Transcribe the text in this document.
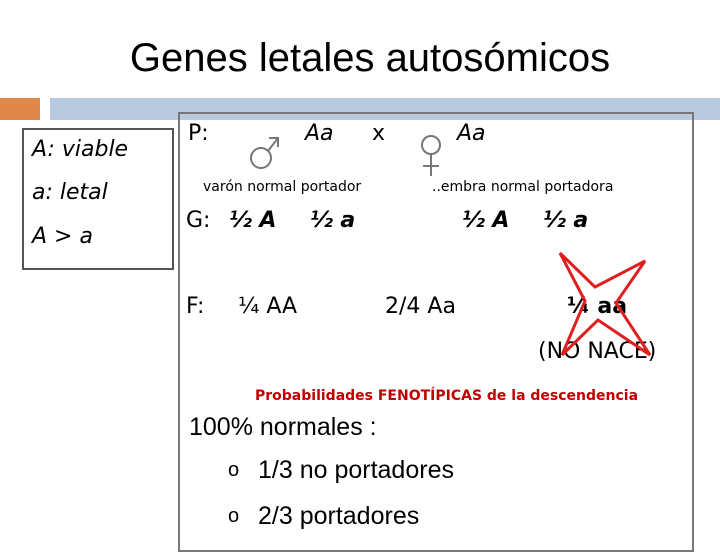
Genes letales autosómicos
A: viable
a: letal
A > a
P:	Aa x	Aa
varón normal portador	..embra normal portadora
G: ½ A ½ a	½ A ½ a
F: ¼ AA	2/4 Aa	¼ aa
(NO NACE)
Probabilidades FENOTÍPICAS de la descendencia
100% normales :
o 1/3 no portadores
o 2/3 portadores
